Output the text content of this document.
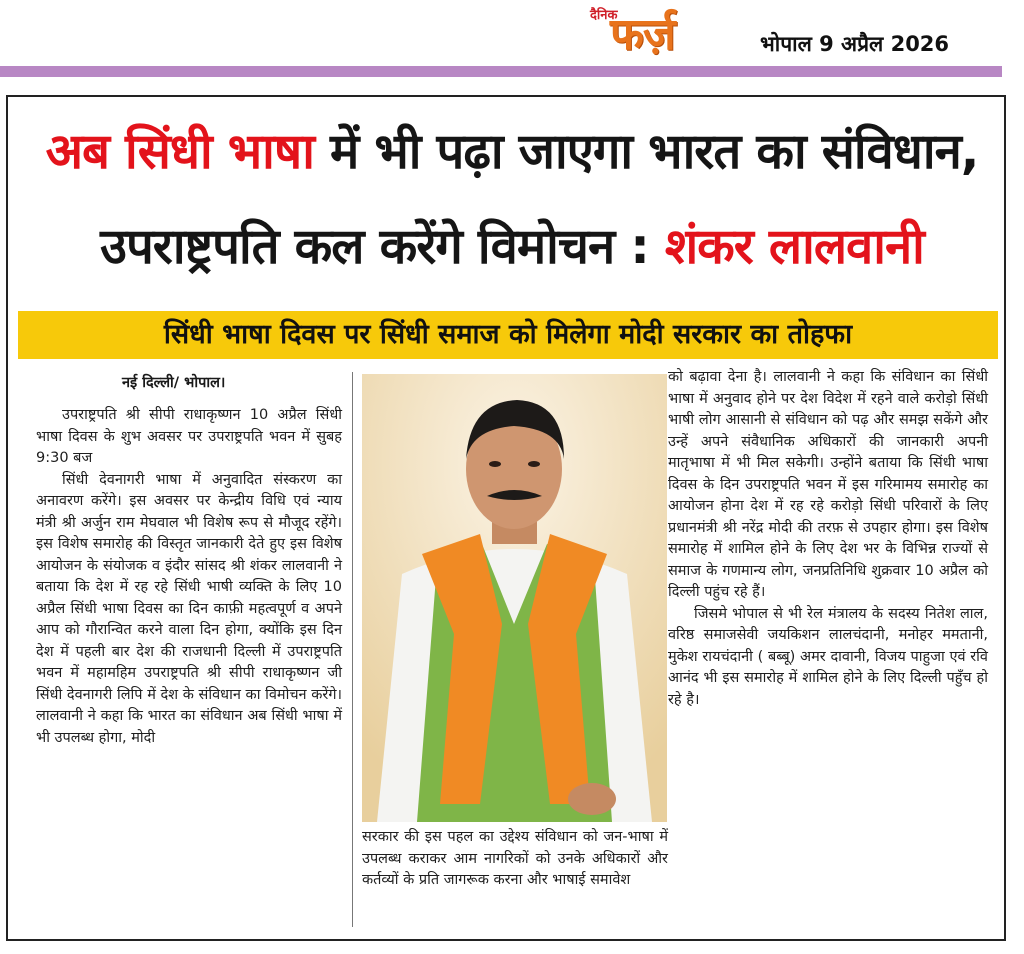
दैनिक
फर्ज़	भोपाल 9 अप्रैल 2026
अब सिंधी भाषा में भी पढ़ा जाएगा भारत का संविधान,
उपराष्ट्रपति कल करेंगे विमोचन : शंकर लालवानी
सिंधी भाषा दिवस पर सिंधी समाज को मिलेगा मोदी सरकार का तोहफा
नई दिल्ली/ भोपाल।

उपराष्ट्रपति श्री सीपी राधाकृष्णन 10 अप्रैल सिंधी भाषा दिवस के शुभ अवसर पर उपराष्ट्रपति भवन में सुबह 9:30 बज

सिंधी देवनागरी भाषा में अनुवादित संस्करण का अनावरण करेंगे। इस अवसर पर केन्द्रीय विधि एवं न्याय मंत्री श्री अर्जुन राम मेघवाल भी विशेष रूप से मौजूद रहेंगे। इस विशेष समारोह की विस्तृत जानकारी देते हुए इस विशेष आयोजन के संयोजक व इंदौर सांसद श्री शंकर लालवानी ने बताया कि देश में रह रहे सिंधी भाषी व्यक्ति के लिए 10 अप्रैल सिंधी भाषा दिवस का दिन काफ़ी महत्वपूर्ण व अपने आप को गौरान्वित करने वाला दिन होगा, क्योंकि इस दिन देश में पहली बार देश की राजधानी दिल्ली में उपराष्ट्रपति भवन में महामहिम उपराष्ट्रपति श्री सीपी राधाकृष्णन जी सिंधी देवनागरी लिपि में देश के संविधान का विमोचन करेंगे। लालवानी ने कहा कि भारत का संविधान अब सिंधी भाषा में भी उपलब्ध होगा, मोदी

सरकार की इस पहल का उद्देश्य संविधान को जन-भाषा में उपलब्ध कराकर आम नागरिकों को उनके अधिकारों और कर्तव्यों के प्रति जागरूक करना और भाषाई समावेश

को बढ़ावा देना है। लालवानी ने कहा कि संविधान का सिंधी भाषा में अनुवाद होने पर देश विदेश में रहने वाले करोड़ो सिंधी भाषी लोग आसानी से संविधान को पढ़ और समझ सकेंगे और उन्हें अपने संवैधानिक अधिकारों की जानकारी अपनी मातृभाषा में भी मिल सकेगी। उन्होंने बताया कि सिंधी भाषा दिवस के दिन उपराष्ट्रपति भवन में इस गरिमामय समारोह का आयोजन होना देश में रह रहे करोड़ो सिंधी परिवारों के लिए प्रधानमंत्री श्री नरेंद्र मोदी की तरफ़ से उपहार होगा। इस विशेष समारोह में शामिल होने के लिए देश भर के विभिन्न राज्यों से समाज के गणमान्य लोग, जनप्रतिनिधि शुक्रवार 10 अप्रैल को दिल्ली पहुंच रहे हैं।

जिसमे भोपाल से भी रेल मंत्रालय के सदस्य नितेश लाल, वरिष्ठ समाजसेवी जयकिशन लालचंदानी, मनोहर ममतानी, मुकेश रायचंदानी ( बब्बू) अमर दावानी, विजय पाहुजा एवं रवि आनंद भी इस समारोह में शामिल होने के लिए दिल्ली पहुँच हो रहे है।
